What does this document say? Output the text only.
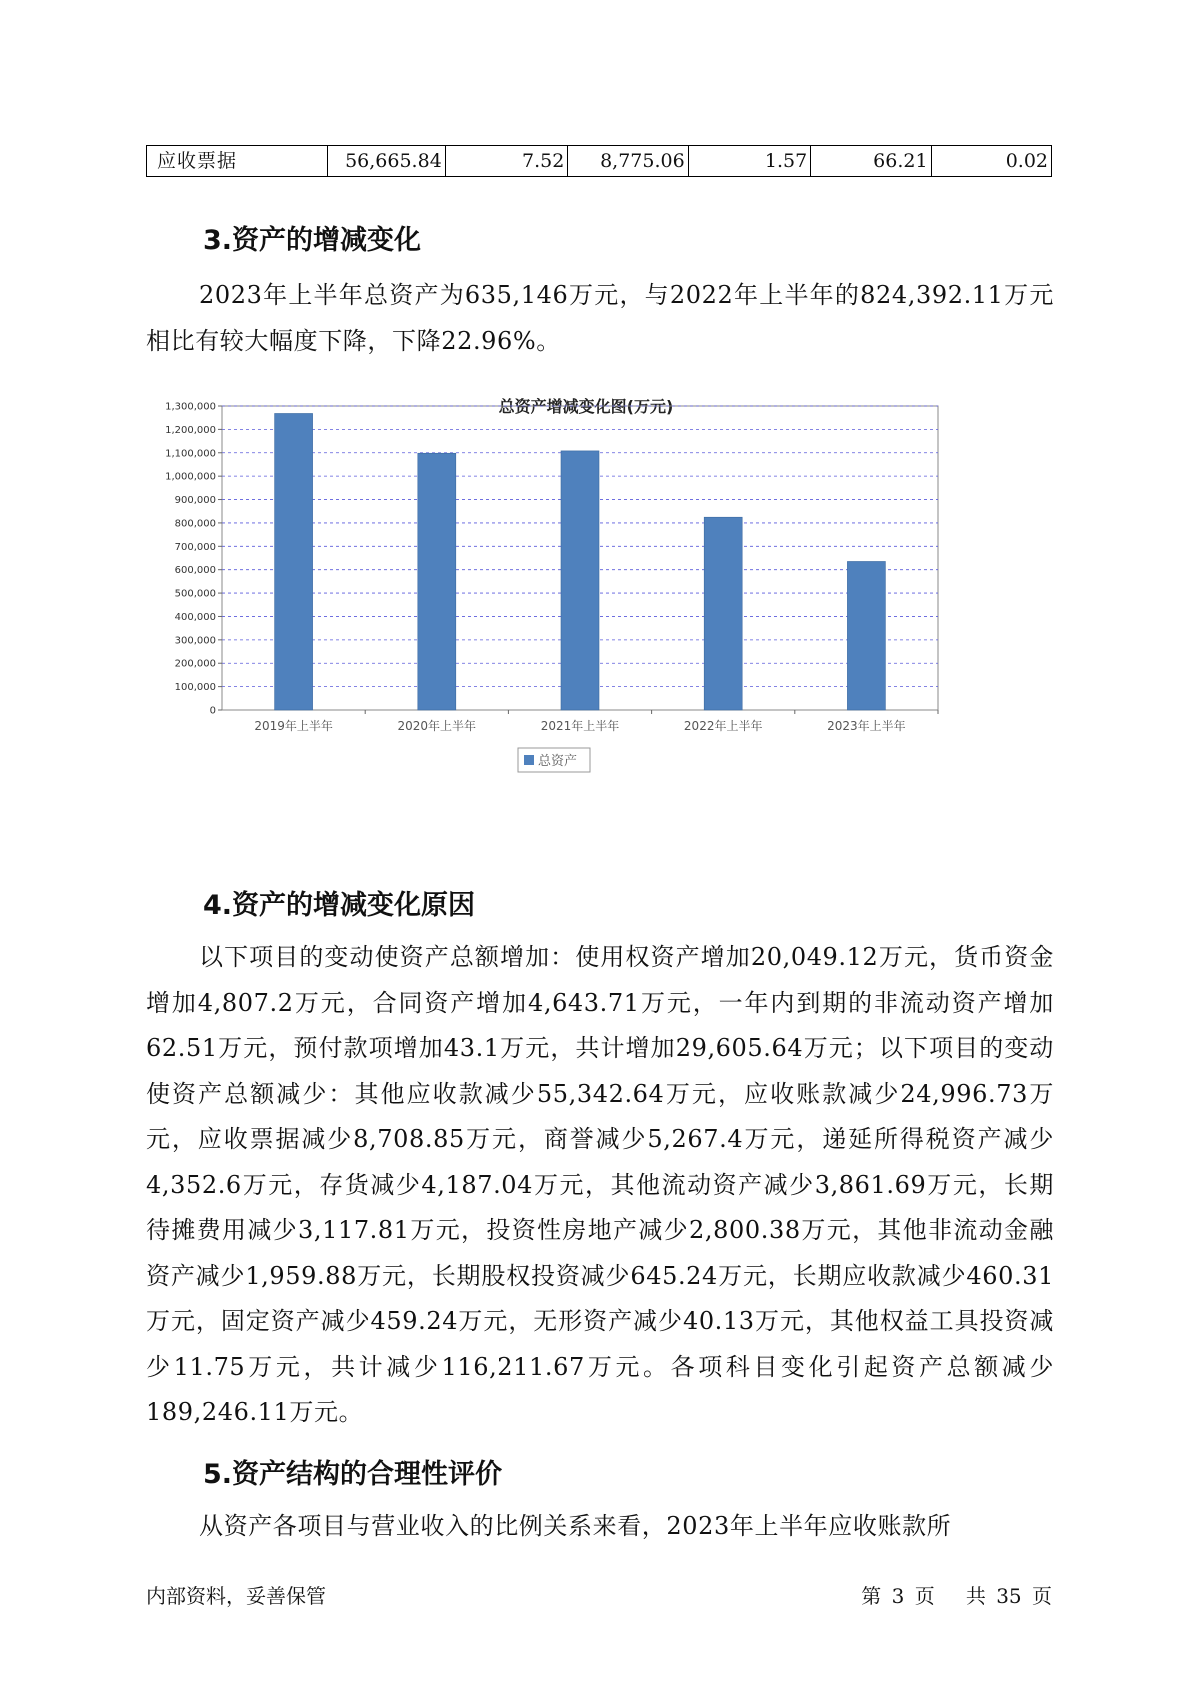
应收票据	56,665.84	7.52	8,775.06	1.57	66.21	0.02
3.资产的增减变化

2023年上半年总资产为635,146万元，与2022年上半年的824,392.11万元相比有较大幅度下降，下降22.96%。

总资产增减变化图(万元)
0
100,000
200,000
300,000
400,000
500,000
600,000
700,000
800,000
900,000
1,000,000
1,100,000
1,200,000
1,300,000
2019年上半年	2020年上半年	2021年上半年	2022年上半年	2023年上半年
总资产
4.资产的增减变化原因

以下项目的变动使资产总额增加：使用权资产增加20,049.12万元，货币资金增加4,807.2万元，合同资产增加4,643.71万元，一年内到期的非流动资产增加62.51万元，预付款项增加43.1万元，共计增加29,605.64万元；以下项目的变动使资产总额减少：其他应收款减少55,342.64万元，应收账款减少24,996.73万元，应收票据减少8,708.85万元，商誉减少5,267.4万元，递延所得税资产减少4,352.6万元，存货减少4,187.04万元，其他流动资产减少3,861.69万元，长期待摊费用减少3,117.81万元，投资性房地产减少2,800.38万元，其他非流动金融资产减少1,959.88万元，长期股权投资减少645.24万元，长期应收款减少460.31万元，固定资产减少459.24万元，无形资产减少40.13万元，其他权益工具投资减少11.75万元，共计减少116,211.67万元。各项科目变化引起资产总额减少189,246.11万元。

5.资产结构的合理性评价

从资产各项目与营业收入的比例关系来看，2023年上半年应收账款所

内部资料，妥善保管	第 3 页 共 35 页
